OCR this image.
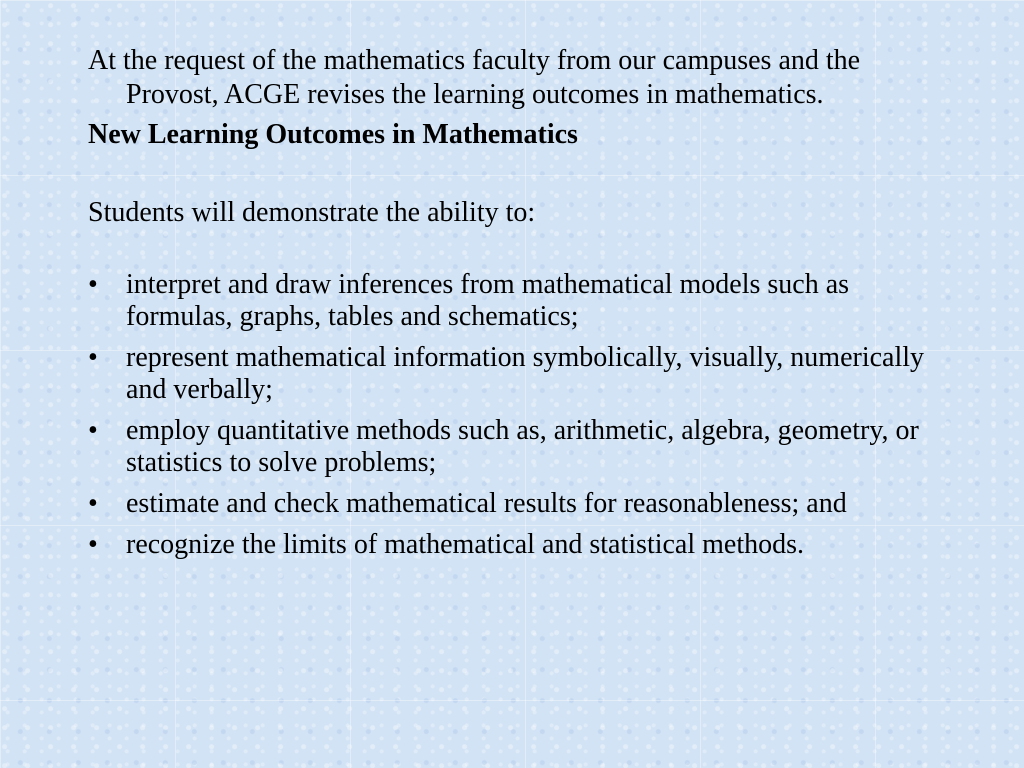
At the request of the mathematics faculty from our campuses and the Provost, ACGE revises the learning outcomes in mathematics.

New Learning Outcomes in Mathematics

Students will demonstrate the ability to:

• interpret and draw inferences from mathematical models such as formulas, graphs, tables and schematics;
• represent mathematical information symbolically, visually, numerically and verbally;
• employ quantitative methods such as, arithmetic, algebra, geometry, or statistics to solve problems;
• estimate and check mathematical results for reasonableness; and
• recognize the limits of mathematical and statistical methods.
